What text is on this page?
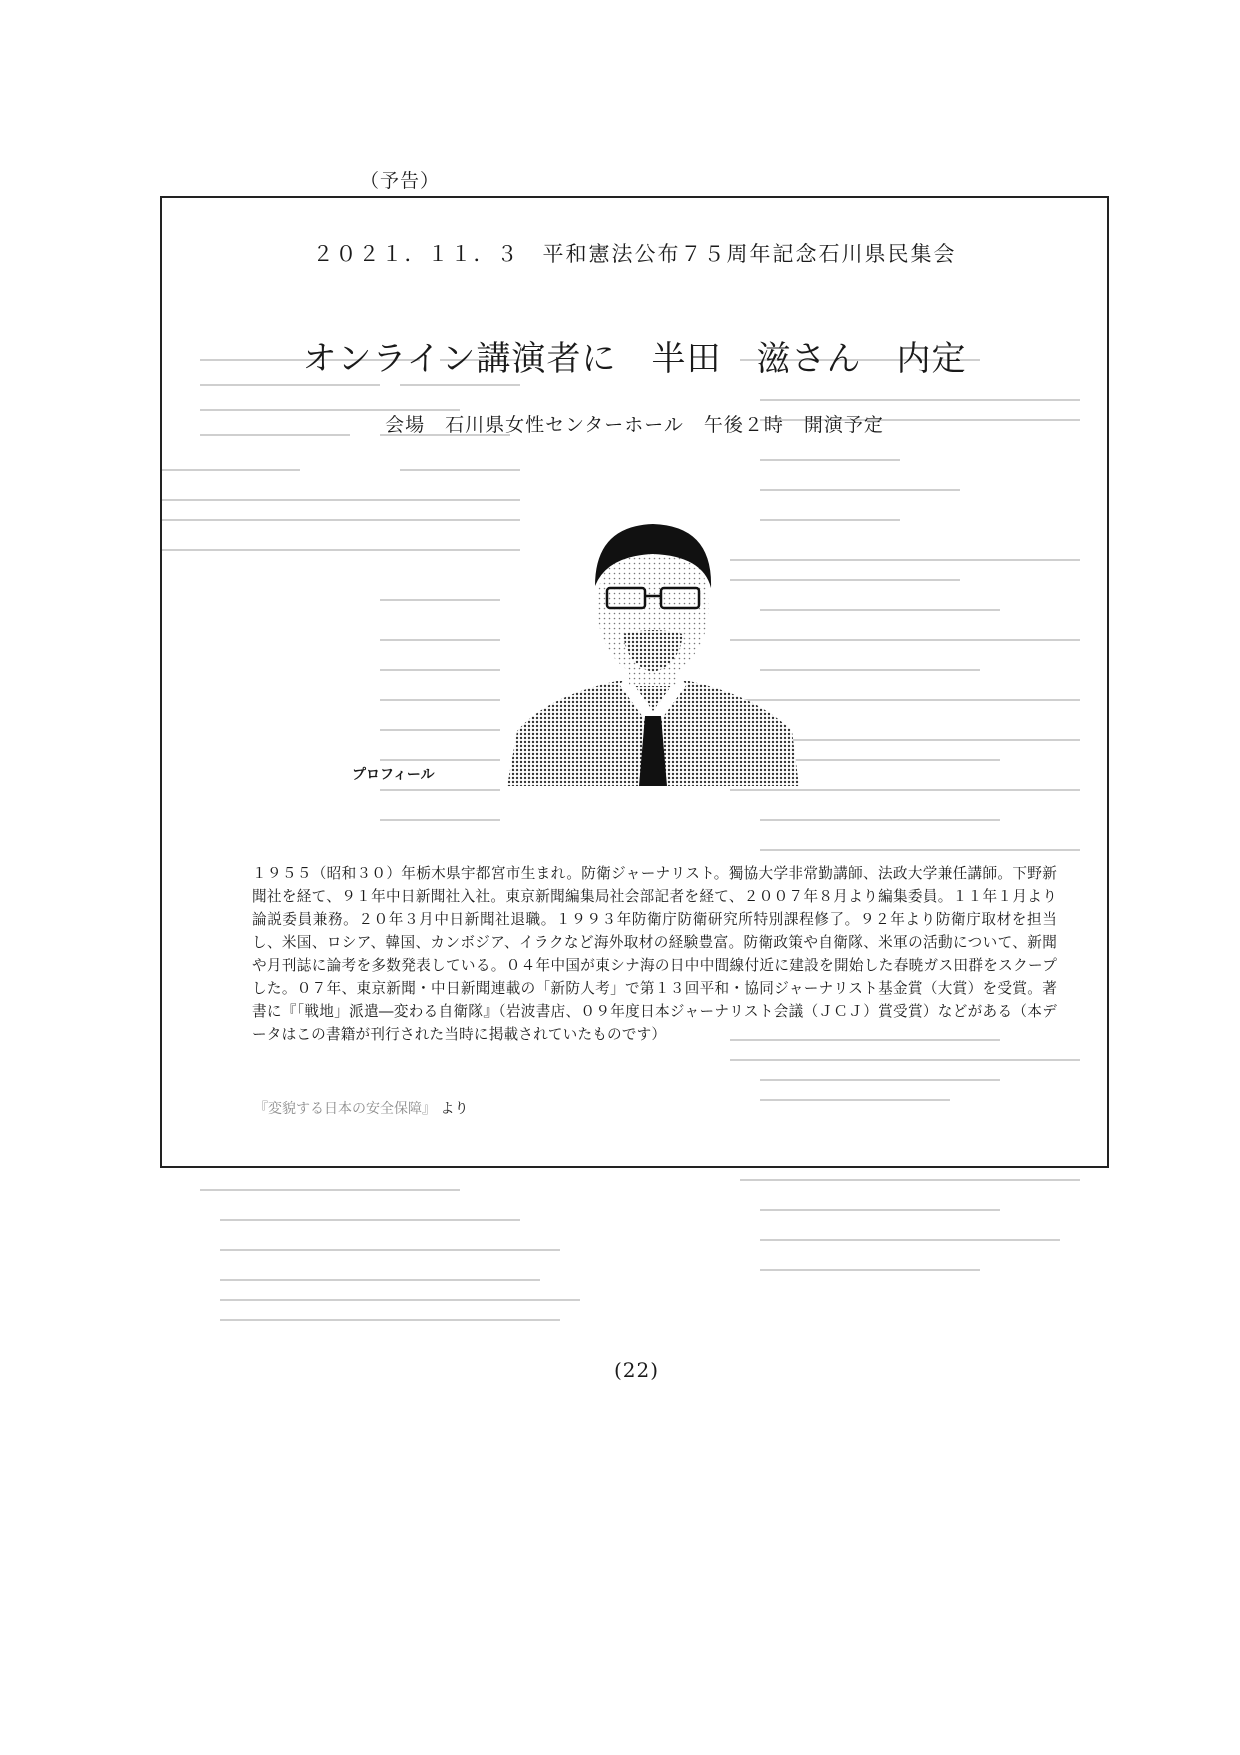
（予告）
２０２１．１１．３　平和憲法公布７５周年記念石川県民集会
オンライン講演者に　半田　滋さん　内定
会場　石川県女性センターホール　午後２時　開演予定
プロフィール

１９５５（昭和３０）年栃木県宇都宮市生まれ。防衛ジャーナリスト。獨協大学非常勤講師、法政大学兼任講師。下野新聞社を経て、９１年中日新聞社入社。東京新聞編集局社会部記者を経て、２００７年８月より編集委員。１１年１月より論説委員兼務。２０年３月中日新聞社退職。１９９３年防衛庁防衛研究所特別課程修了。９２年より防衛庁取材を担当し、米国、ロシア、韓国、カンボジア、イラクなど海外取材の経験豊富。防衛政策や自衛隊、米軍の活動について、新聞や月刊誌に論考を多数発表している。０４年中国が東シナ海の日中中間線付近に建設を開始した春暁ガス田群をスクープした。０７年、東京新聞・中日新聞連載の「新防人考」で第１３回平和・協同ジャーナリスト基金賞（大賞）を受賞。著書に『「戦地」派遣―変わる自衛隊』（岩波書店、０９年度日本ジャーナリスト会議（ＪＣＪ）賞受賞）などがある（本データはこの書籍が刊行された当時に掲載されていたものです）

『変貌する日本の安全保障』 より
(22)
